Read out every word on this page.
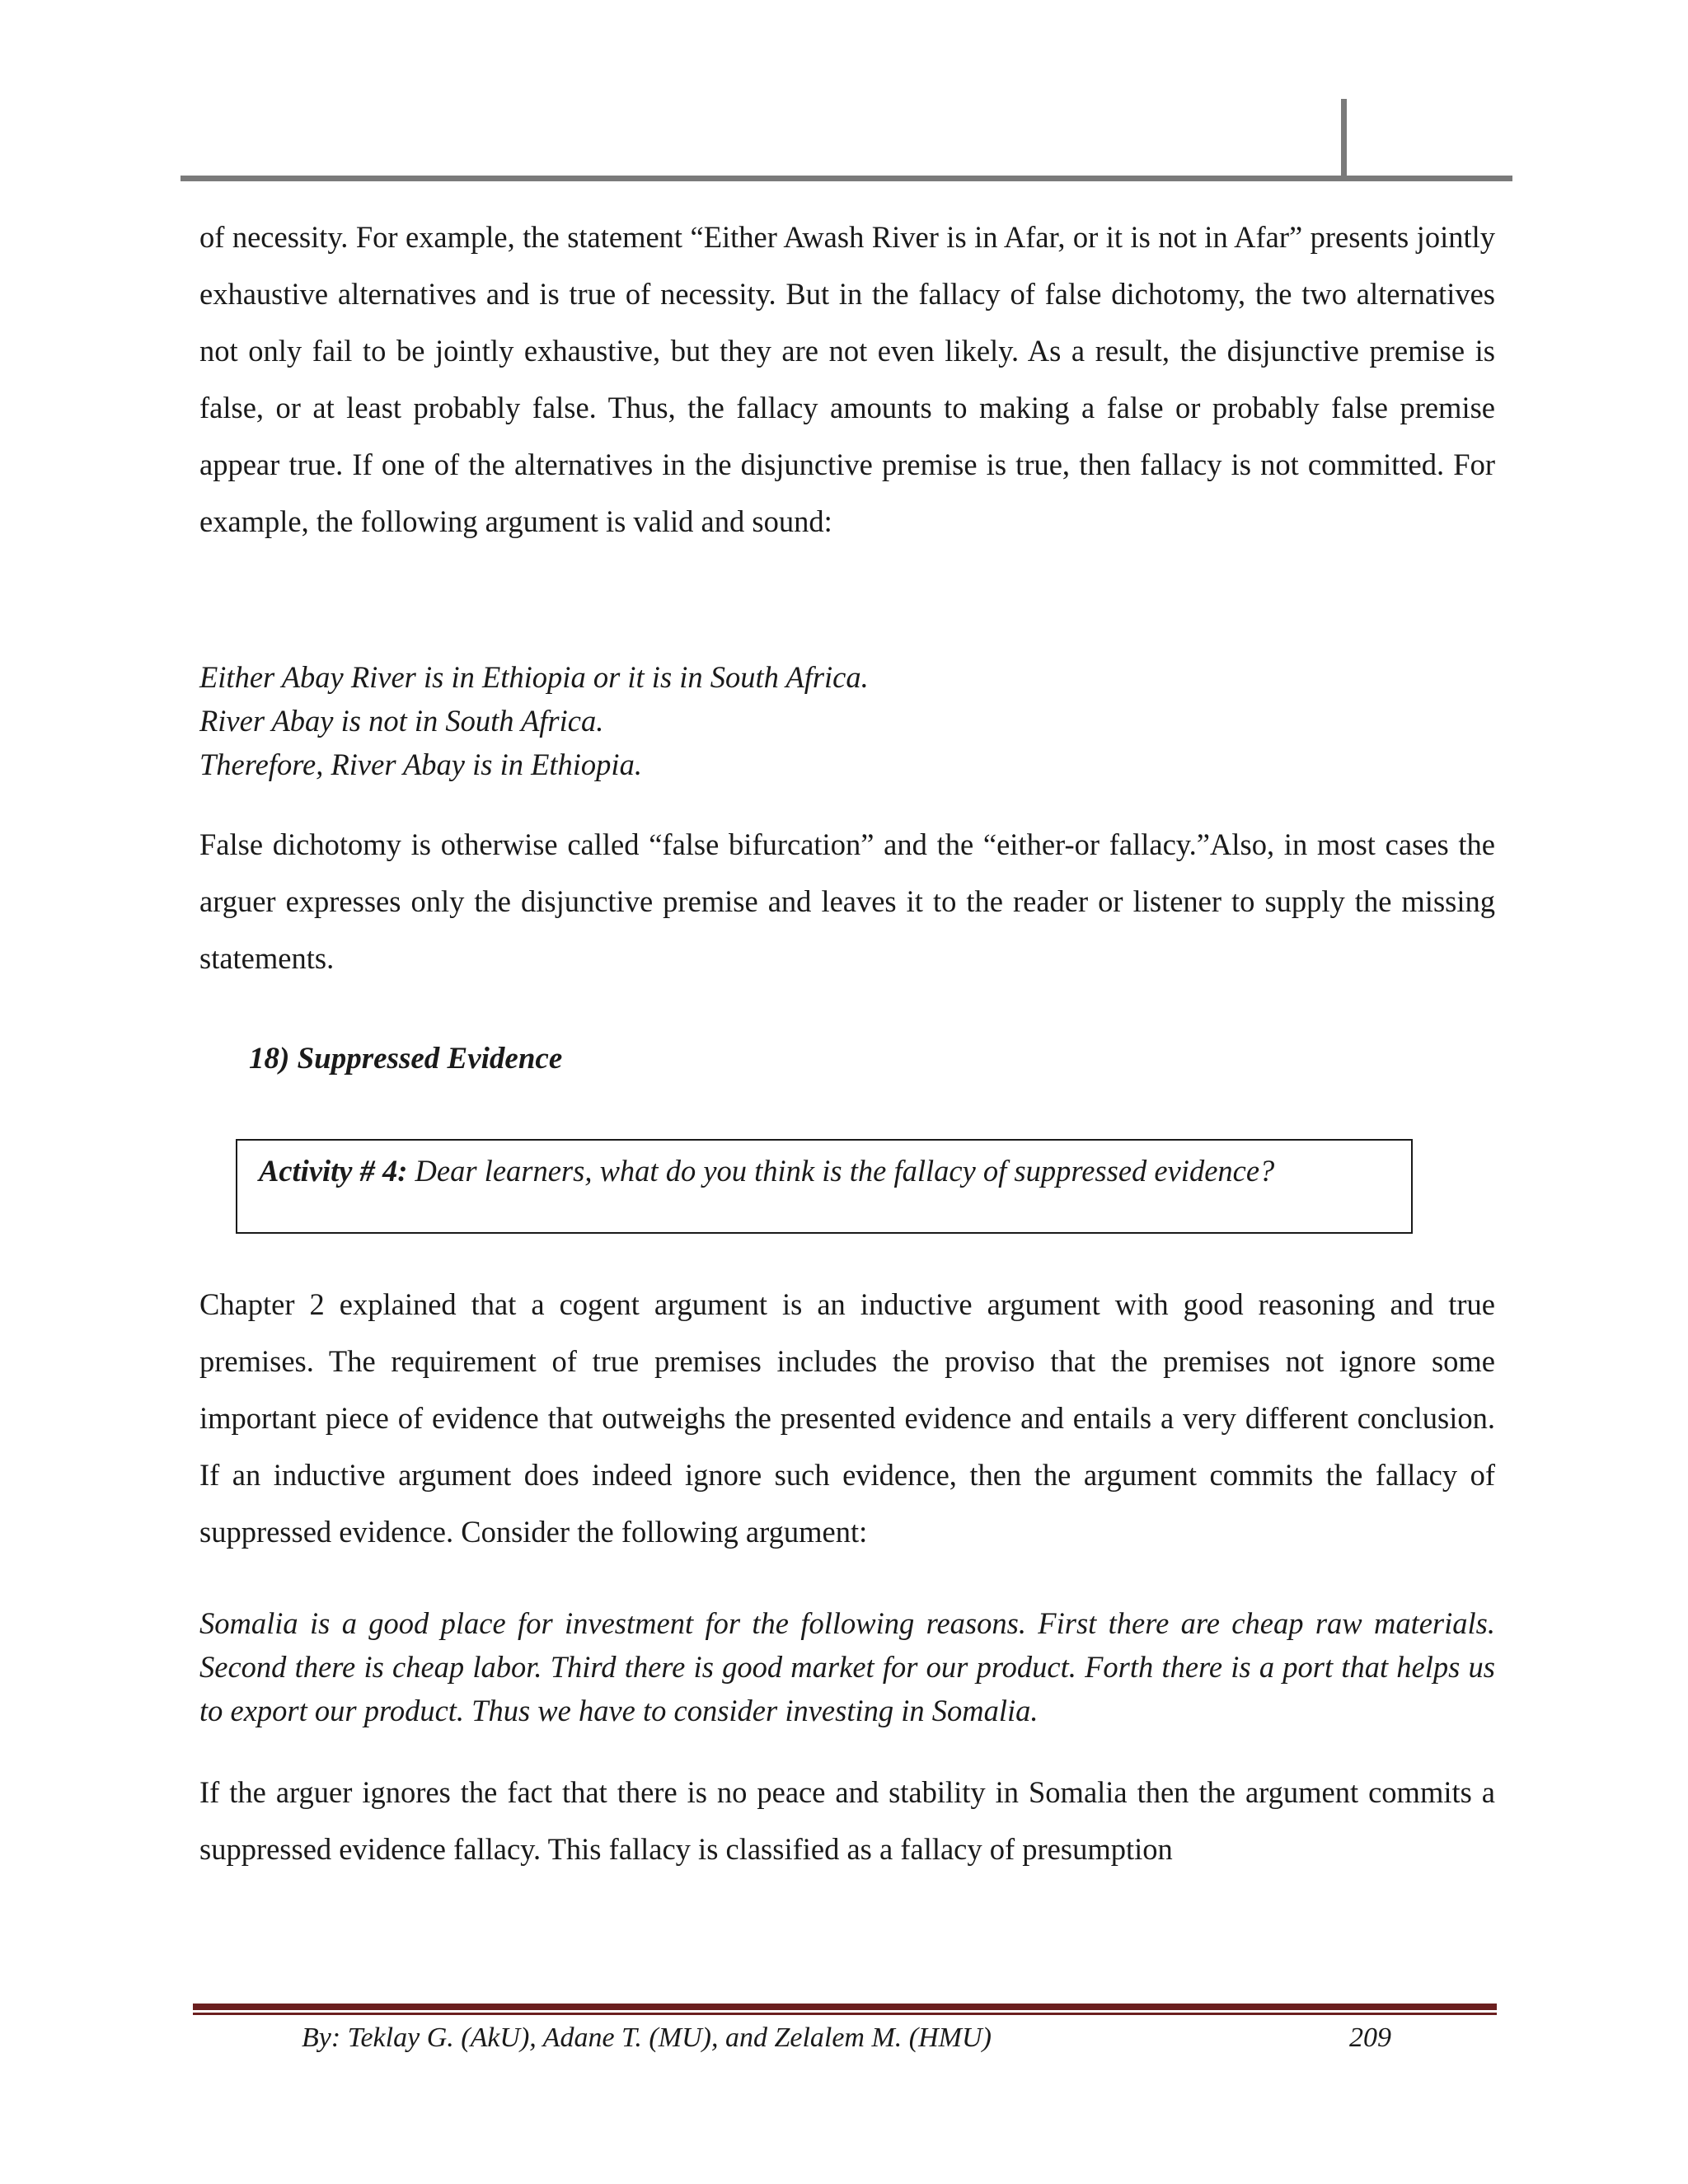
of necessity. For example, the statement “Either Awash River is in Afar, or it is not in Afar” presents jointly exhaustive alternatives and is true of necessity. But in the fallacy of false dichotomy, the two alternatives not only fail to be jointly exhaustive, but they are not even likely. As a result, the disjunctive premise is false, or at least probably false. Thus, the fallacy amounts to making a false or probably false premise appear true. If one of the alternatives in the disjunctive premise is true, then fallacy is not committed. For example, the following argument is valid and sound:

Either Abay River is in Ethiopia or it is in South Africa.
River Abay is not in South Africa.
Therefore, River Abay is in Ethiopia.

False dichotomy is otherwise called “false bifurcation” and the “either-or fallacy.”Also, in most cases the arguer expresses only the disjunctive premise and leaves it to the reader or listener to supply the missing statements.

18) Suppressed Evidence

Activity # 4: Dear learners, what do you think is the fallacy of suppressed evidence?

Chapter 2 explained that a cogent argument is an inductive argument with good reasoning and true premises. The requirement of true premises includes the proviso that the premises not ignore some important piece of evidence that outweighs the presented evidence and entails a very different conclusion. If an inductive argument does indeed ignore such evidence, then the argument commits the fallacy of suppressed evidence. Consider the following argument:

Somalia is a good place for investment for the following reasons. First there are cheap raw materials. Second there is cheap labor. Third there is good market for our product. Forth there is a port that helps us to export our product. Thus we have to consider investing in Somalia.

If the arguer ignores the fact that there is no peace and stability in Somalia then the argument commits a suppressed evidence fallacy. This fallacy is classified as a fallacy of presumption

By: Teklay G. (AkU), Adane T. (MU), and Zelalem M. (HMU)	209
